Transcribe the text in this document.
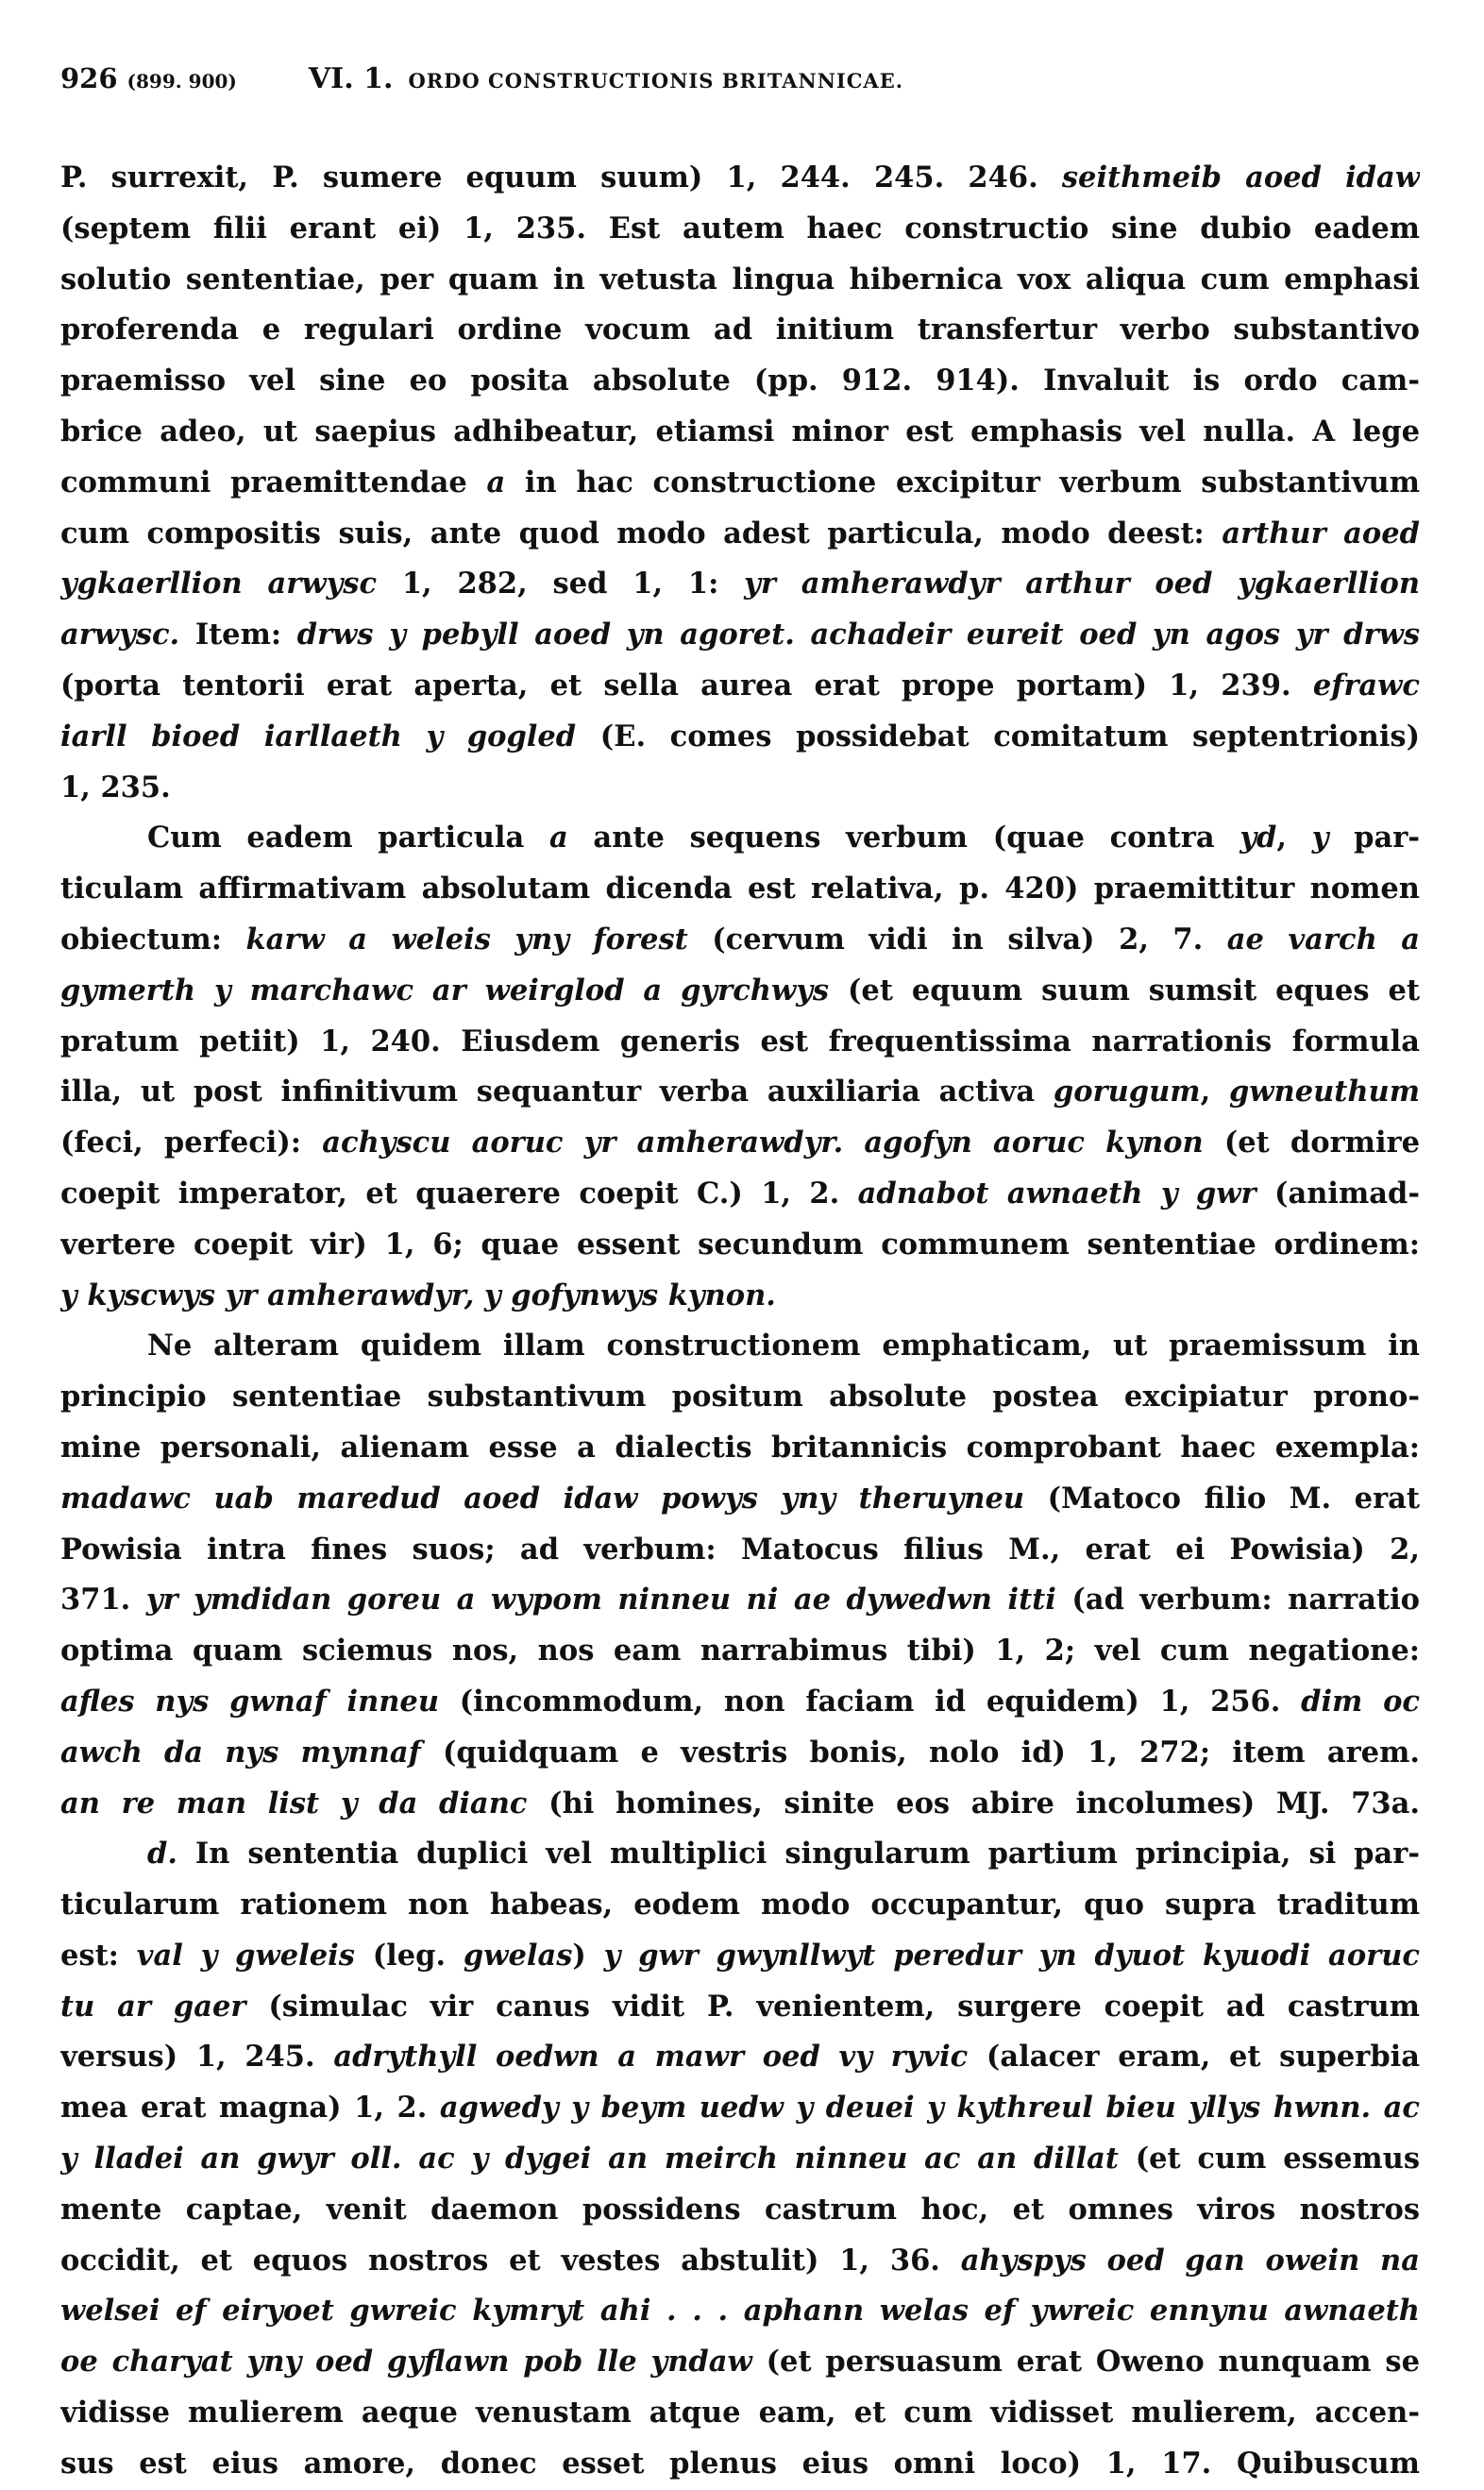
926 (899. 900)	VI. 1. ORDO CONSTRUCTIONIS BRITANNICAE.
P. surrexit, P. sumere equum suum) 1, 244. 245. 246. seithmeib aoed idaw
(septem filii erant ei) 1, 235. Est autem haec constructio sine dubio eadem
solutio sententiae, per quam in vetusta lingua hibernica vox aliqua cum emphasi
proferenda e regulari ordine vocum ad initium transfertur verbo substantivo
praemisso vel sine eo posita absolute (pp. 912. 914). Invaluit is ordo cam-
brice adeo, ut saepius adhibeatur, etiamsi minor est emphasis vel nulla. A lege
communi praemittendae a in hac constructione excipitur verbum substantivum
cum compositis suis, ante quod modo adest particula, modo deest: arthur aoed
ygkaerllion arwysc 1, 282, sed 1, 1: yr amherawdyr arthur oed ygkaerllion
arwysc. Item: drws y pebyll aoed yn agoret. achadeir eureit oed yn agos yr drws
(porta tentorii erat aperta, et sella aurea erat prope portam) 1, 239. efrawc
iarll bioed iarllaeth y gogled (E. comes possidebat comitatum septentrionis)
1, 235.
Cum eadem particula a ante sequens verbum (quae contra yd, y par-
ticulam affirmativam absolutam dicenda est relativa, p. 420) praemittitur nomen
obiectum: karw a weleis yny forest (cervum vidi in silva) 2, 7. ae varch a
gymerth y marchawc ar weirglod a gyrchwys (et equum suum sumsit eques et
pratum petiit) 1, 240. Eiusdem generis est frequentissima narrationis formula
illa, ut post infinitivum sequantur verba auxiliaria activa gorugum, gwneuthum
(feci, perfeci): achyscu aoruc yr amherawdyr. agofyn aoruc kynon (et dormire
coepit imperator, et quaerere coepit C.) 1, 2. adnabot awnaeth y gwr (animad-
vertere coepit vir) 1, 6; quae essent secundum communem sententiae ordinem:
y kyscwys yr amherawdyr, y gofynwys kynon.
Ne alteram quidem illam constructionem emphaticam, ut praemissum in
principio sententiae substantivum positum absolute postea excipiatur prono-
mine personali, alienam esse a dialectis britannicis comprobant haec exempla:
madawc uab maredud aoed idaw powys yny theruyneu (Matoco filio M. erat
Powisia intra fines suos; ad verbum: Matocus filius M., erat ei Powisia) 2,
371. yr ymdidan goreu a wypom ninneu ni ae dywedwn itti (ad verbum: narratio
optima quam sciemus nos, nos eam narrabimus tibi) 1, 2; vel cum negatione:
afles nys gwnaf inneu (incommodum, non faciam id equidem) 1, 256. dim oc
awch da nys mynnaf (quidquam e vestris bonis, nolo id) 1, 272; item arem.
an re man list y da dianc (hi homines, sinite eos abire incolumes) MJ. 73a.
d. In sententia duplici vel multiplici singularum partium principia, si par-
ticularum rationem non habeas, eodem modo occupantur, quo supra traditum
est: val y gweleis (leg. gwelas) y gwr gwynllwyt peredur yn dyuot kyuodi aoruc
tu ar gaer (simulac vir canus vidit P. venientem, surgere coepit ad castrum
versus) 1, 245. adrythyll oedwn a mawr oed vy ryvic (alacer eram, et superbia
mea erat magna) 1, 2. agwedy y beym uedw y deuei y kythreul bieu yllys hwnn. ac
y lladei an gwyr oll. ac y dygei an meirch ninneu ac an dillat (et cum essemus
mente captae, venit daemon possidens castrum hoc, et omnes viros nostros
occidit, et equos nostros et vestes abstulit) 1, 36. ahyspys oed gan owein na
welsei ef eiryoet gwreic kymryt ahi . . . aphann welas ef ywreic ennynu awnaeth
oe charyat yny oed gyflawn pob lle yndaw (et persuasum erat Oweno nunquam se
vidisse mulierem aeque venustam atque eam, et cum vidisset mulierem, accen-
sus est eius amore, donec esset plenus eius omni loco) 1, 17. Quibuscum
